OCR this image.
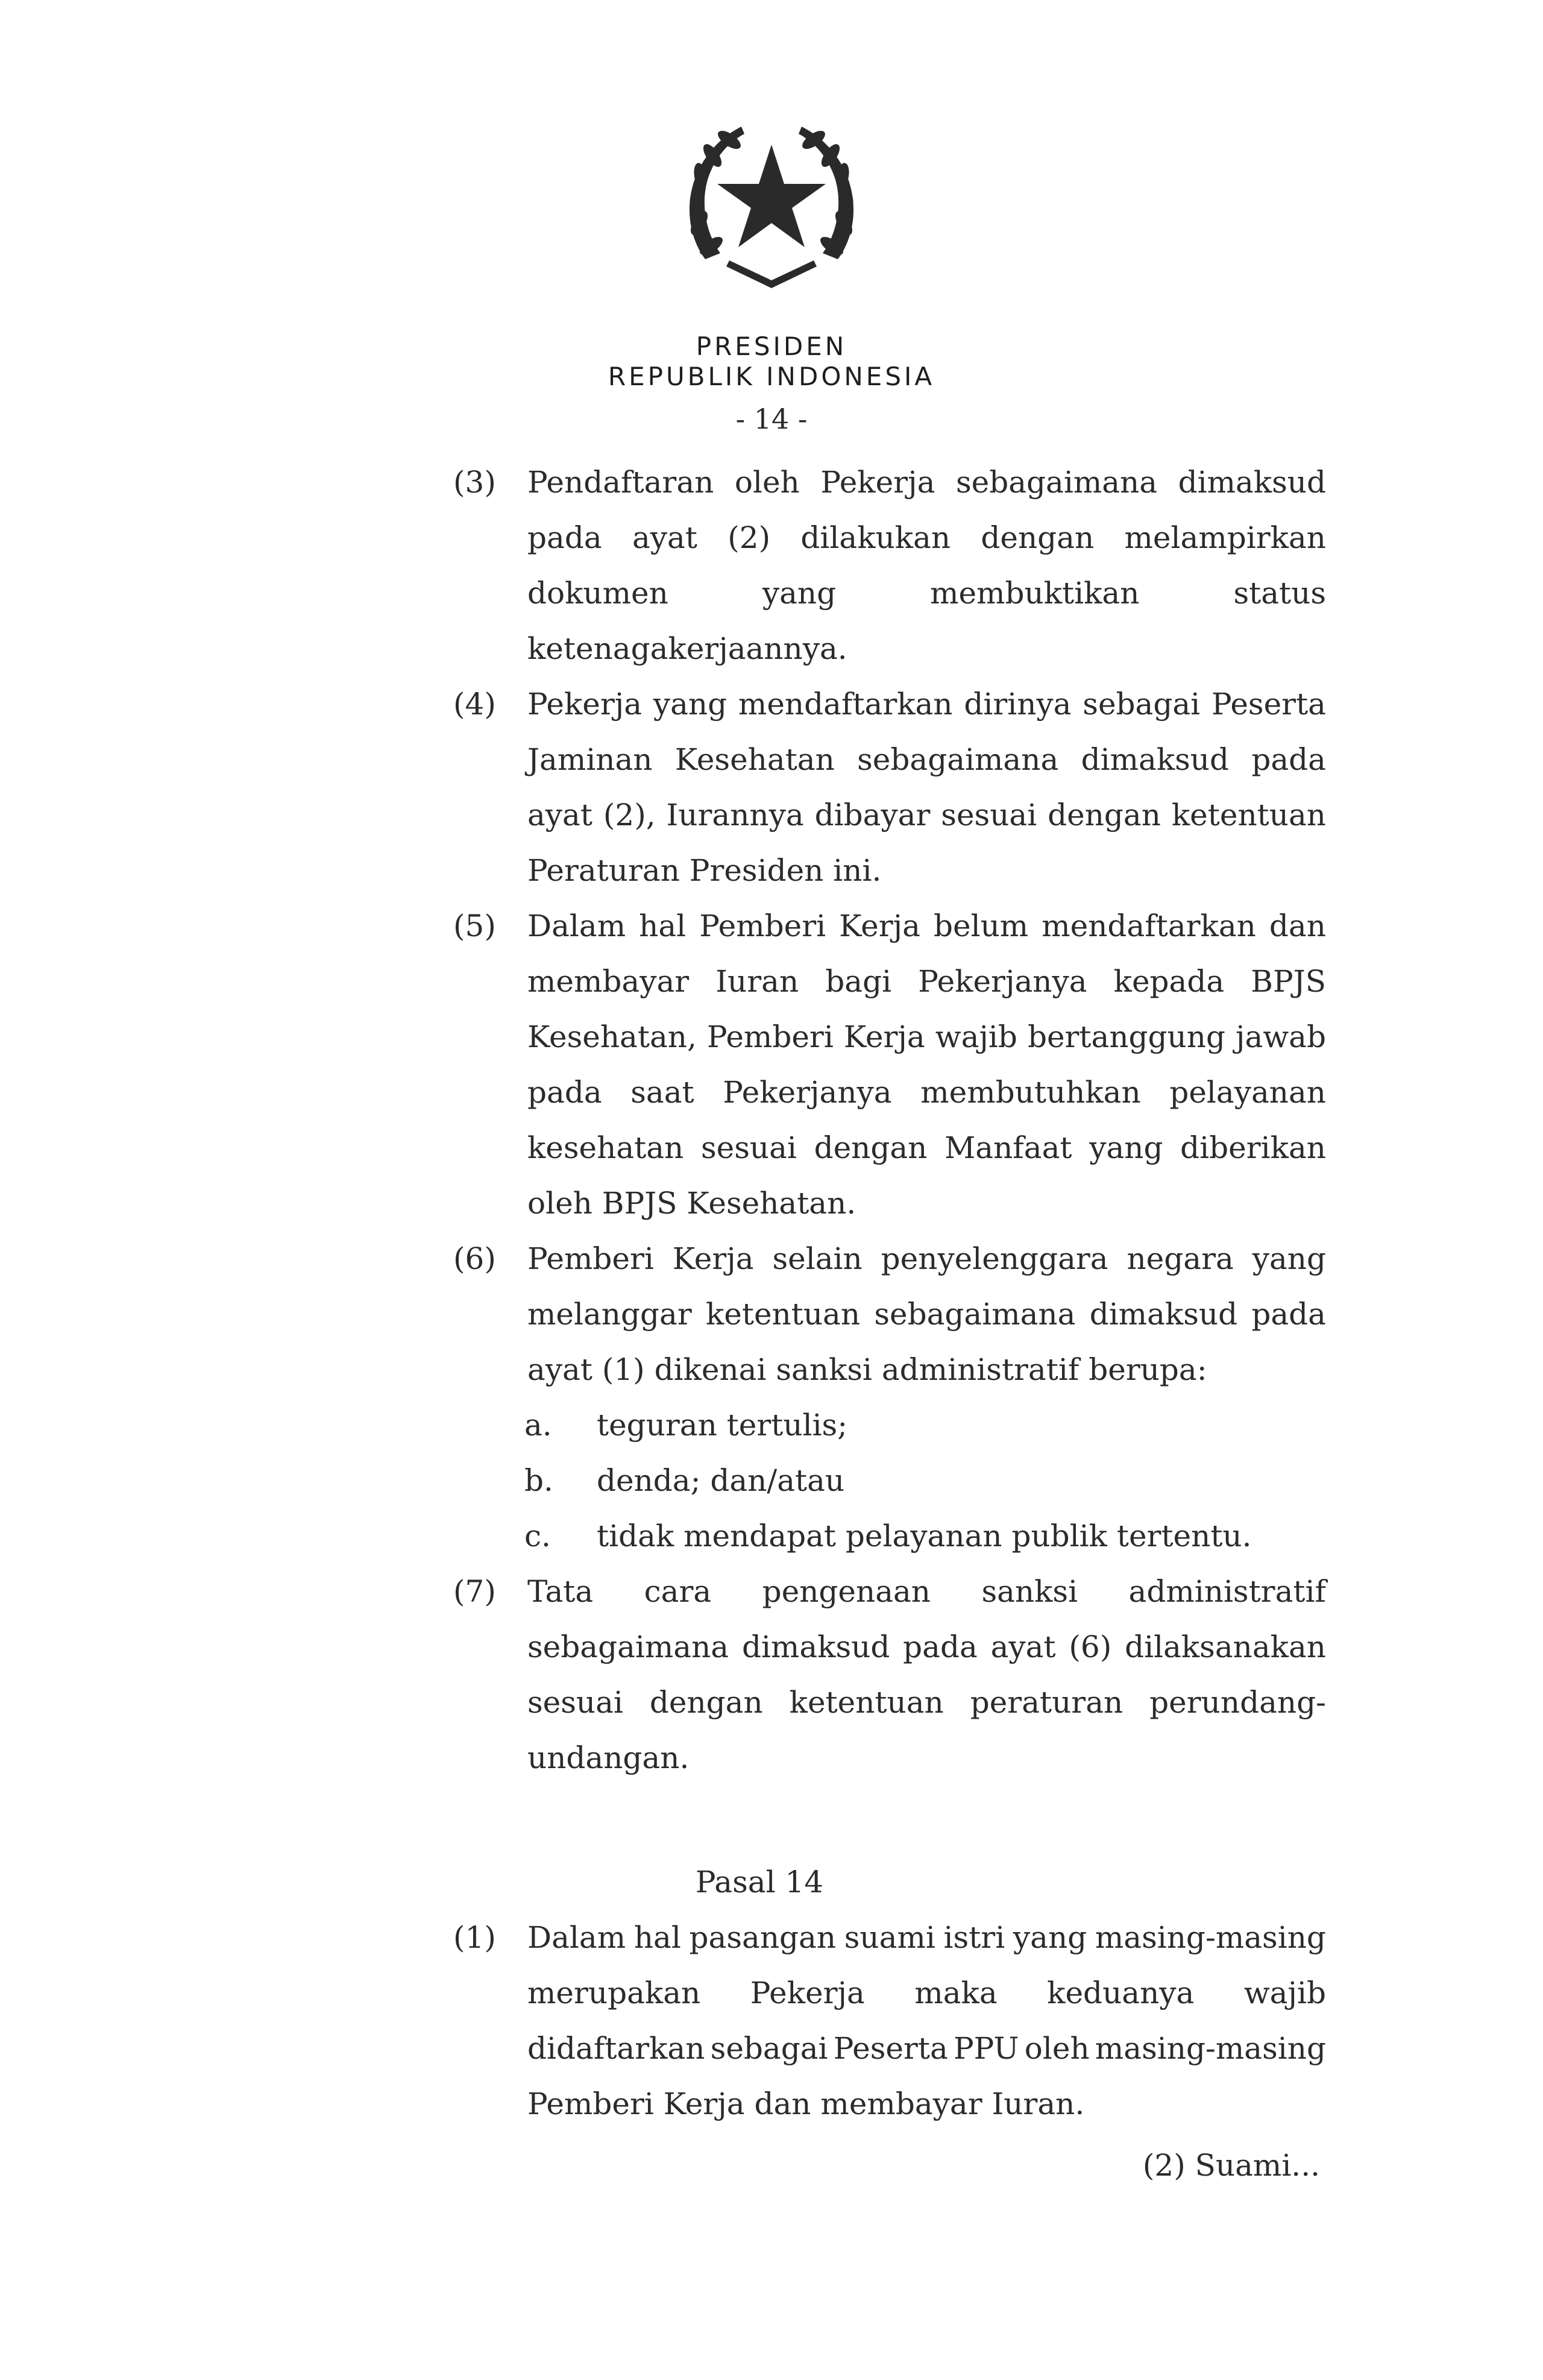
PRESIDEN
REPUBLIK INDONESIA
- 14 -
(3) Pendaftaran oleh Pekerja sebagaimana dimaksud
pada ayat (2) dilakukan dengan melampirkan
dokumen	yang	membuktikan	status
ketenagakerjaannya.
(4) Pekerja yang mendaftarkan dirinya sebagai Peserta
Jaminan Kesehatan sebagaimana dimaksud pada
ayat (2), Iurannya dibayar sesuai dengan ketentuan
Peraturan Presiden ini.
(5) Dalam hal Pemberi Kerja belum mendaftarkan dan
membayar Iuran bagi Pekerjanya kepada BPJS
Kesehatan, Pemberi Kerja wajib bertanggung jawab
pada saat Pekerjanya membutuhkan pelayanan
kesehatan sesuai dengan Manfaat yang diberikan
oleh BPJS Kesehatan.
(6) Pemberi Kerja selain penyelenggara negara yang
melanggar ketentuan sebagaimana dimaksud pada
ayat (1) dikenai sanksi administratif berupa:
a. teguran tertulis;
b. denda; dan/atau
c. tidak mendapat pelayanan publik tertentu.
(7) Tata cara pengenaan sanksi administratif
sebagaimana dimaksud pada ayat (6) dilaksanakan
sesuai dengan ketentuan peraturan perundang-
undangan.
Pasal 14
(1) Dalam hal pasangan suami istri yang masing-masing
merupakan Pekerja maka keduanya wajib
didaftarkan sebagai Peserta PPU oleh masing-masing
Pemberi Kerja dan membayar Iuran.
(2) Suami...
